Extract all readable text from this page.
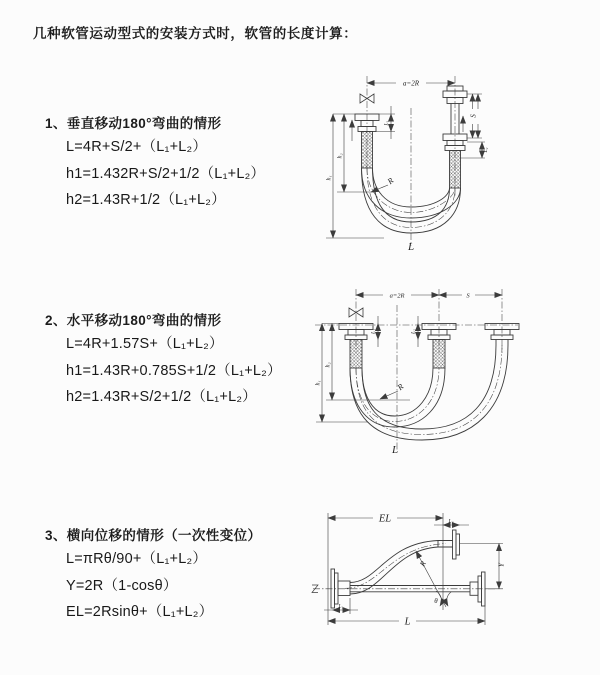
几种软管运动型式的安装方式时，软管的长度计算：
1、垂直移动180°弯曲的情形
L=4R+S/2+（L₁+L₂）
h1=1.432R+S/2+1/2（L₁+L₂）
h2=1.43R+1/2（L₁+L₂）
2、水平移动180°弯曲的情形
L=4R+1.57S+（L₁+L₂）
h1=1.43R+0.785S+1/2（L₁+L₂）
h2=1.43R+S/2+1/2（L₁+L₂）
3、横向位移的情形（一次性变位）
L=πRθ/90+（L₁+L₂）
Y=2R（1-cosθ）
EL=2Rsinθ+（L₁+L₂）
a=2R
S
L₂
L₁
h₂
h₁	R
L
a=2R	S
L₁	L₂
h₂
h₁	R
L
EL	L₂
Y
R
θ
L
L₁
